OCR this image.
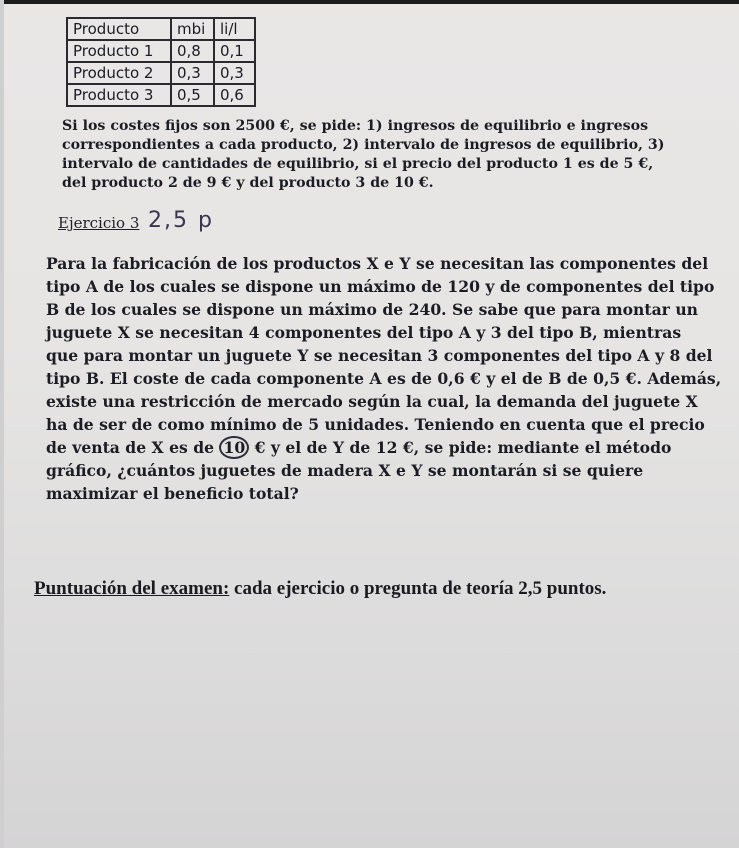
Producto	mbi	li/l
Producto 1	0,8	0,1
Producto 2	0,3	0,3
Producto 3	0,5	0,6
Si los costes fijos son 2500 €, se pide: 1) ingresos de equilibrio e ingresos
correspondientes a cada producto, 2) intervalo de ingresos de equilibrio, 3)
intervalo de cantidades de equilibrio, si el precio del producto 1 es de 5 €,
del producto 2 de 9 € y del producto 3 de 10 €.
Ejercicio 3 2,5 p
Para la fabricación de los productos X e Y se necesitan las componentes del
tipo A de los cuales se dispone un máximo de 120 y de componentes del tipo
B de los cuales se dispone un máximo de 240. Se sabe que para montar un
juguete X se necesitan 4 componentes del tipo A y 3 del tipo B, mientras
que para montar un juguete Y se necesitan 3 componentes del tipo A y 8 del
tipo B. El coste de cada componente A es de 0,6 € y el de B de 0,5 €. Además,
existe una restricción de mercado según la cual, la demanda del juguete X
ha de ser de como mínimo de 5 unidades. Teniendo en cuenta que el precio
de venta de X es de 10 € y el de Y de 12 €, se pide: mediante el método
gráfico, ¿cuántos juguetes de madera X e Y se montarán si se quiere
maximizar el beneficio total?
Puntuación del examen: cada ejercicio o pregunta de teoría 2,5 puntos.
